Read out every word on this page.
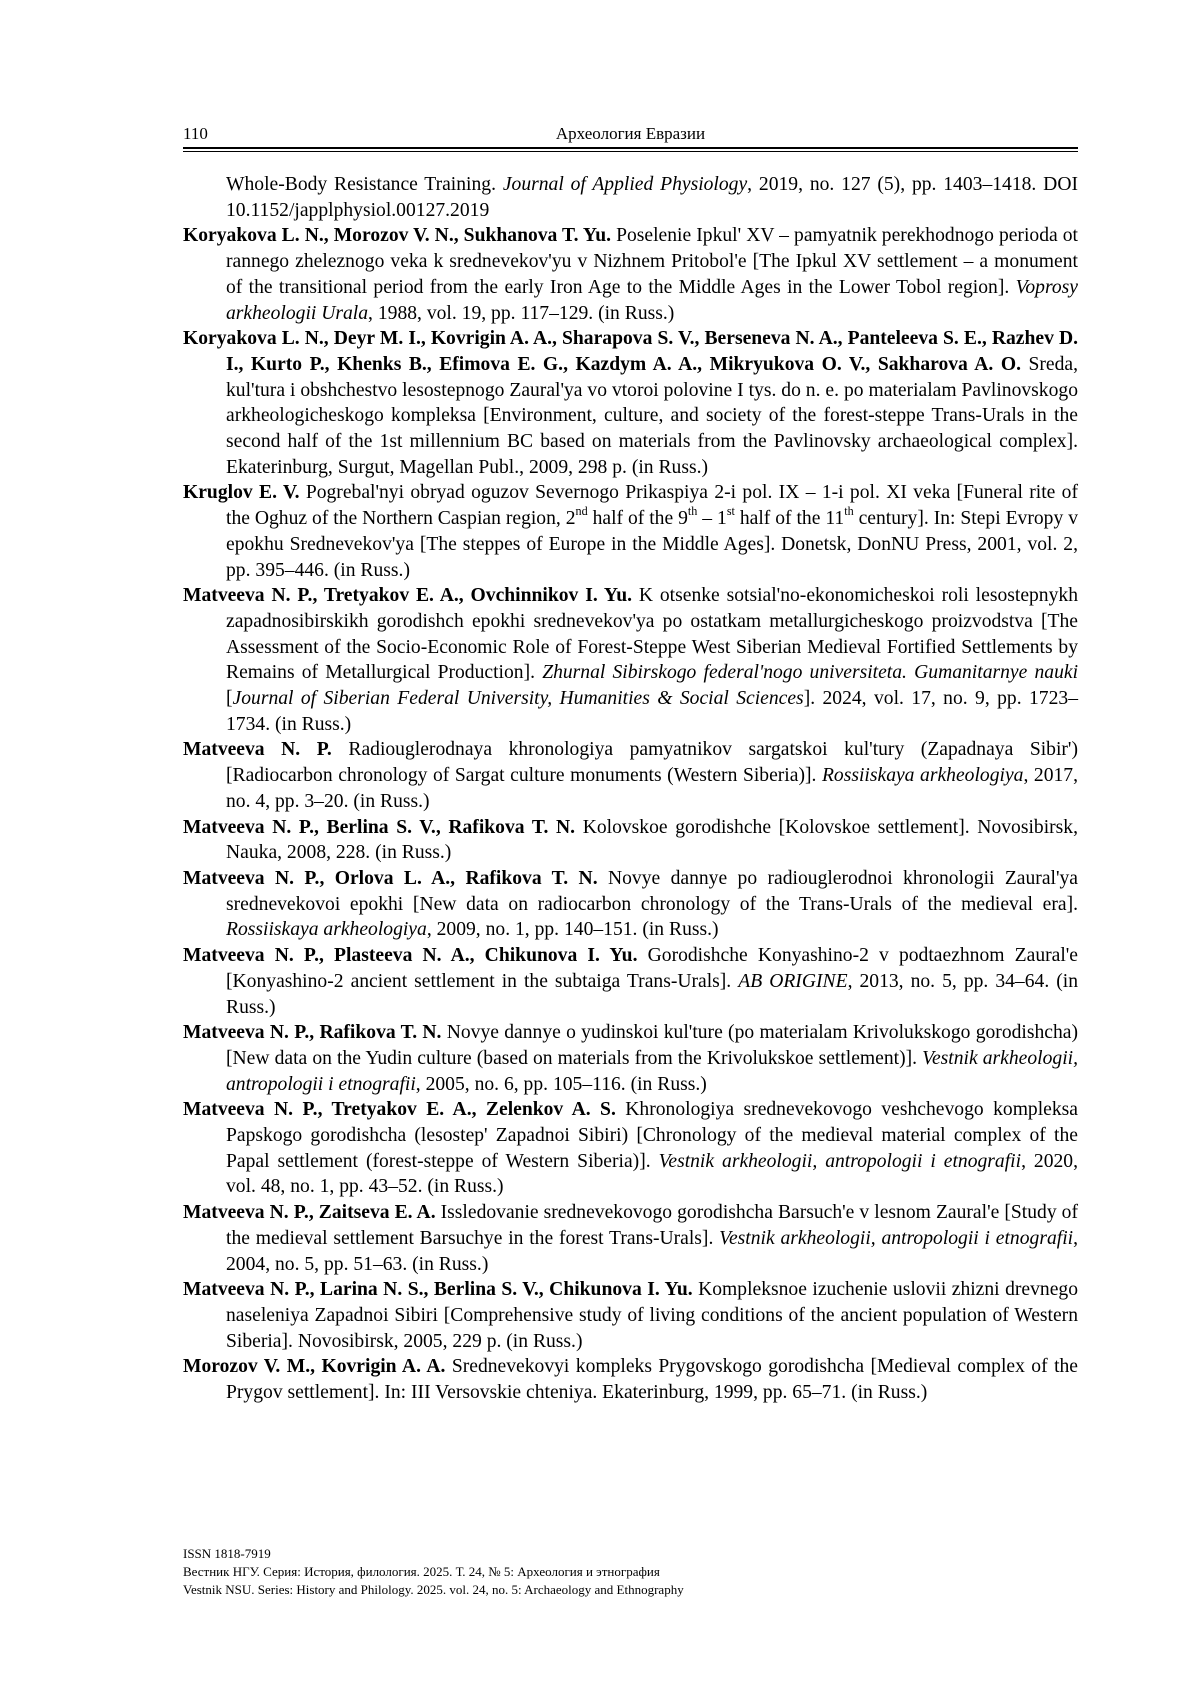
110	Археология Евразии

Whole-Body Resistance Training. Journal of Applied Physiology, 2019, no. 127 (5), pp. 1403–1418. DOI 10.1152/japplphysiol.00127.2019

Koryakova L. N., Morozov V. N., Sukhanova T. Yu. Poselenie Ipkul' XV – pamyatnik perekhodnogo perioda ot rannego zheleznogo veka k srednevekov'yu v Nizhnem Pritobol'e [The Ipkul XV settlement – a monument of the transitional period from the early Iron Age to the Middle Ages in the Lower Tobol region]. Voprosy arkheologii Urala, 1988, vol. 19, pp. 117–129. (in Russ.)

Koryakova L. N., Deyr M. I., Kovrigin A. A., Sharapova S. V., Berseneva N. A., Panteleeva S. E., Razhev D. I., Kurto P., Khenks B., Efimova E. G., Kazdym A. A., Mikryukova O. V., Sakharova A. O. Sreda, kul'tura i obshchestvo lesostepnogo Zaural'ya vo vtoroi polovine I tys. do n. e. po materialam Pavlinovskogo arkheologicheskogo kompleksa [Environment, culture, and society of the forest-steppe Trans-Urals in the second half of the 1st millennium BC based on materials from the Pavlinovsky archaeological complex]. Ekaterinburg, Surgut, Magellan Publ., 2009, 298 p. (in Russ.)

Kruglov E. V. Pogrebal'nyi obryad oguzov Severnogo Prikaspiya 2-i pol. IX – 1-i pol. XI veka [Funeral rite of the Oghuz of the Northern Caspian region, 2nd half of the 9th – 1st half of the 11th century]. In: Stepi Evropy v epokhu Srednevekov'ya [The steppes of Europe in the Middle Ages]. Donetsk, DonNU Press, 2001, vol. 2, pp. 395–446. (in Russ.)

Matveeva N. P., Tretyakov E. A., Ovchinnikov I. Yu. K otsenke sotsial'no-ekonomicheskoi roli lesostepnykh zapadnosibirskikh gorodishch epokhi srednevekov'ya po ostatkam metallurgicheskogo proizvodstva [The Assessment of the Socio-Economic Role of Forest-Steppe West Siberian Medieval Fortified Settlements by Remains of Metallurgical Production]. Zhurnal Sibirskogo federal'nogo universiteta. Gumanitarnye nauki [Journal of Siberian Federal University, Humanities & Social Sciences]. 2024, vol. 17, no. 9, pp. 1723–1734. (in Russ.)

Matveeva N. P. Radiouglerodnaya khronologiya pamyatnikov sargatskoi kul'tury (Zapadnaya Sibir') [Radiocarbon chronology of Sargat culture monuments (Western Siberia)]. Rossiiskaya arkheologiya, 2017, no. 4, pp. 3–20. (in Russ.)

Matveeva N. P., Berlina S. V., Rafikova T. N. Kolovskoe gorodishche [Kolovskoe settlement]. Novosibirsk, Nauka, 2008, 228. (in Russ.)

Matveeva N. P., Orlova L. A., Rafikova T. N. Novye dannye po radiouglerodnoi khronologii Zaural'ya srednevekovoi epokhi [New data on radiocarbon chronology of the Trans-Urals of the medieval era]. Rossiiskaya arkheologiya, 2009, no. 1, pp. 140–151. (in Russ.)

Matveeva N. P., Plasteeva N. A., Chikunova I. Yu. Gorodishche Konyashino-2 v podtaezhnom Zaural'e [Konyashino-2 ancient settlement in the subtaiga Trans-Urals]. AB ORIGINE, 2013, no. 5, pp. 34–64. (in Russ.)

Matveeva N. P., Rafikova T. N. Novye dannye o yudinskoi kul'ture (po materialam Krivolukskogo gorodishcha) [New data on the Yudin culture (based on materials from the Krivolukskoe settlement)]. Vestnik arkheologii, antropologii i etnografii, 2005, no. 6, pp. 105–116. (in Russ.)

Matveeva N. P., Tretyakov E. A., Zelenkov A. S. Khronologiya srednevekovogo veshchevogo kompleksa Papskogo gorodishcha (lesostep' Zapadnoi Sibiri) [Chronology of the medieval material complex of the Papal settlement (forest-steppe of Western Siberia)]. Vestnik arkheologii, antropologii i etnografii, 2020, vol. 48, no. 1, pp. 43–52. (in Russ.)

Matveeva N. P., Zaitseva E. A. Issledovanie srednevekovogo gorodishcha Barsuch'e v lesnom Zaural'e [Study of the medieval settlement Barsuchye in the forest Trans-Urals]. Vestnik arkheologii, antropologii i etnografii, 2004, no. 5, pp. 51–63. (in Russ.)

Matveeva N. P., Larina N. S., Berlina S. V., Chikunova I. Yu. Kompleksnoe izuchenie uslovii zhizni drevnego naseleniya Zapadnoi Sibiri [Comprehensive study of living conditions of the ancient population of Western Siberia]. Novosibirsk, 2005, 229 p. (in Russ.)

Morozov V. M., Kovrigin A. A. Srednevekovyi kompleks Prygovskogo gorodishcha [Medieval complex of the Prygov settlement]. In: III Versovskie chteniya. Ekaterinburg, 1999, pp. 65–71. (in Russ.)

ISSN 1818-7919
Вестник НГУ. Серия: История, филология. 2025. Т. 24, № 5: Археология и этнография
Vestnik NSU. Series: History and Philology. 2025. vol. 24, no. 5: Archaeology and Ethnography
